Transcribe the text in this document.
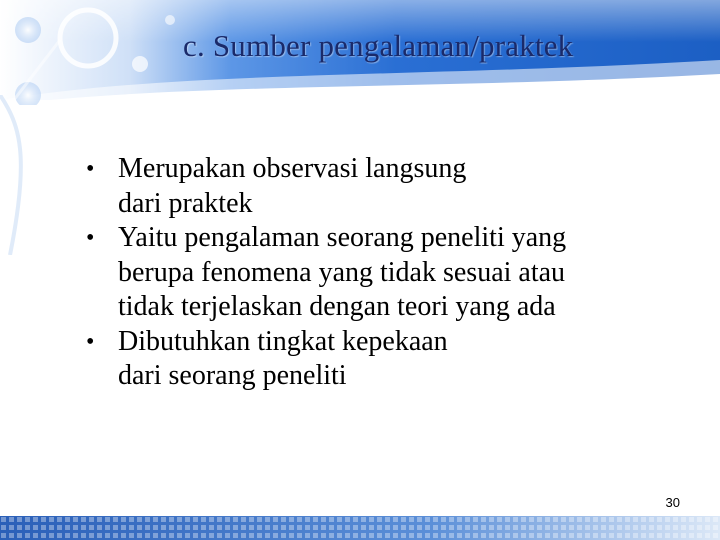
c. Sumber pengalaman/praktek
• Merupakan observasi langsung
dari praktek
• Yaitu pengalaman seorang peneliti yang
berupa fenomena yang tidak sesuai atau
tidak terjelaskan dengan teori yang ada
• Dibutuhkan tingkat kepekaan
dari seorang peneliti
30
